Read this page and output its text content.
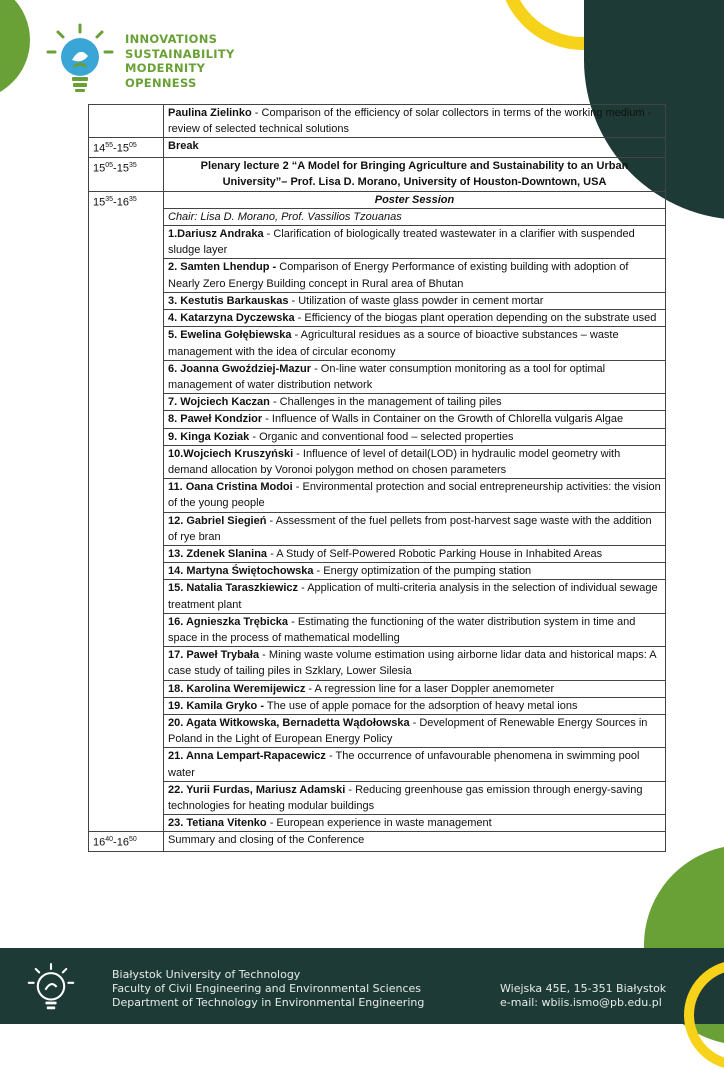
INNOVATIONS
SUSTAINABILITY
MODERNITY
OPENNESS
	Paulina Zielinko - Comparison of the efficiency of solar collectors in terms of the working medium - review of selected technical solutions
$14^{55}-15^{05}$	Break
$15^{05}-15^{35}$	Plenary lecture 2 “A Model for Bringing Agriculture and Sustainability to an Urban University”– Prof. Lisa D. Morano, University of Houston-Downtown, USA
$15^{35}-16^{35}$	Poster Session
	Chair: Lisa D. Morano, Prof. Vassilios Tzouanas
	1.Dariusz Andraka - Clarification of biologically treated wastewater in a clarifier with suspended sludge layer
	2. Samten Lhendup - Comparison of Energy Performance of existing building with adoption of Nearly Zero Energy Building concept in Rural area of Bhutan
	3. Kestutis Barkauskas - Utilization of waste glass powder in cement mortar
	4. Katarzyna Dyczewska - Efficiency of the biogas plant operation depending on the substrate used
	5. Ewelina Gołębiewska - Agricultural residues as a source of bioactive substances – waste management with the idea of circular economy
	6. Joanna Gwoździej-Mazur - On-line water consumption monitoring as a tool for optimal management of water distribution network
	7. Wojciech Kaczan - Challenges in the management of tailing piles
	8. Paweł Kondzior - Influence of Walls in Container on the Growth of Chlorella vulgaris Algae
	9. Kinga Koziak - Organic and conventional food – selected properties
	10.Wojciech Kruszyński - Influence of level of detail(LOD) in hydraulic model geometry with demand allocation by Voronoi polygon method on chosen parameters
	11. Oana Cristina Modoi - Environmental protection and social entrepreneurship activities: the vision of the young people
	12. Gabriel Siegień - Assessment of the fuel pellets from post-harvest sage waste with the addition of rye bran
	13. Zdenek Slanina - A Study of Self-Powered Robotic Parking House in Inhabited Areas
	14. Martyna Świętochowska - Energy optimization of the pumping station
	15. Natalia Taraszkiewicz - Application of multi-criteria analysis in the selection of individual sewage treatment plant
	16. Agnieszka Trębicka - Estimating the functioning of the water distribution system in time and space in the process of mathematical modelling
	17. Paweł Trybała - Mining waste volume estimation using airborne lidar data and historical maps: A case study of tailing piles in Szklary, Lower Silesia
	18. Karolina Weremijewicz - A regression line for a laser Doppler anemometer
	19. Kamila Gryko - The use of apple pomace for the adsorption of heavy metal ions
	20. Agata Witkowska, Bernadetta Wądołowska - Development of Renewable Energy Sources in Poland in the Light of European Energy Policy
	21. Anna Lempart-Rapacewicz - The occurrence of unfavourable phenomena in swimming pool water
	22. Yurii Furdas, Mariusz Adamski - Reducing greenhouse gas emission through energy-saving technologies for heating modular buildings
	23. Tetiana Vitenko - European experience in waste management
$16^{40}-16^{50}$	Summary and closing of the Conference
Białystok University of Technology
Faculty of Civil Engineering and Environmental Sciences
Department of Technology in Environmental Engineering
Wiejska 45E, 15-351 Białystok
e-mail: wbiis.ismo@pb.edu.pl
